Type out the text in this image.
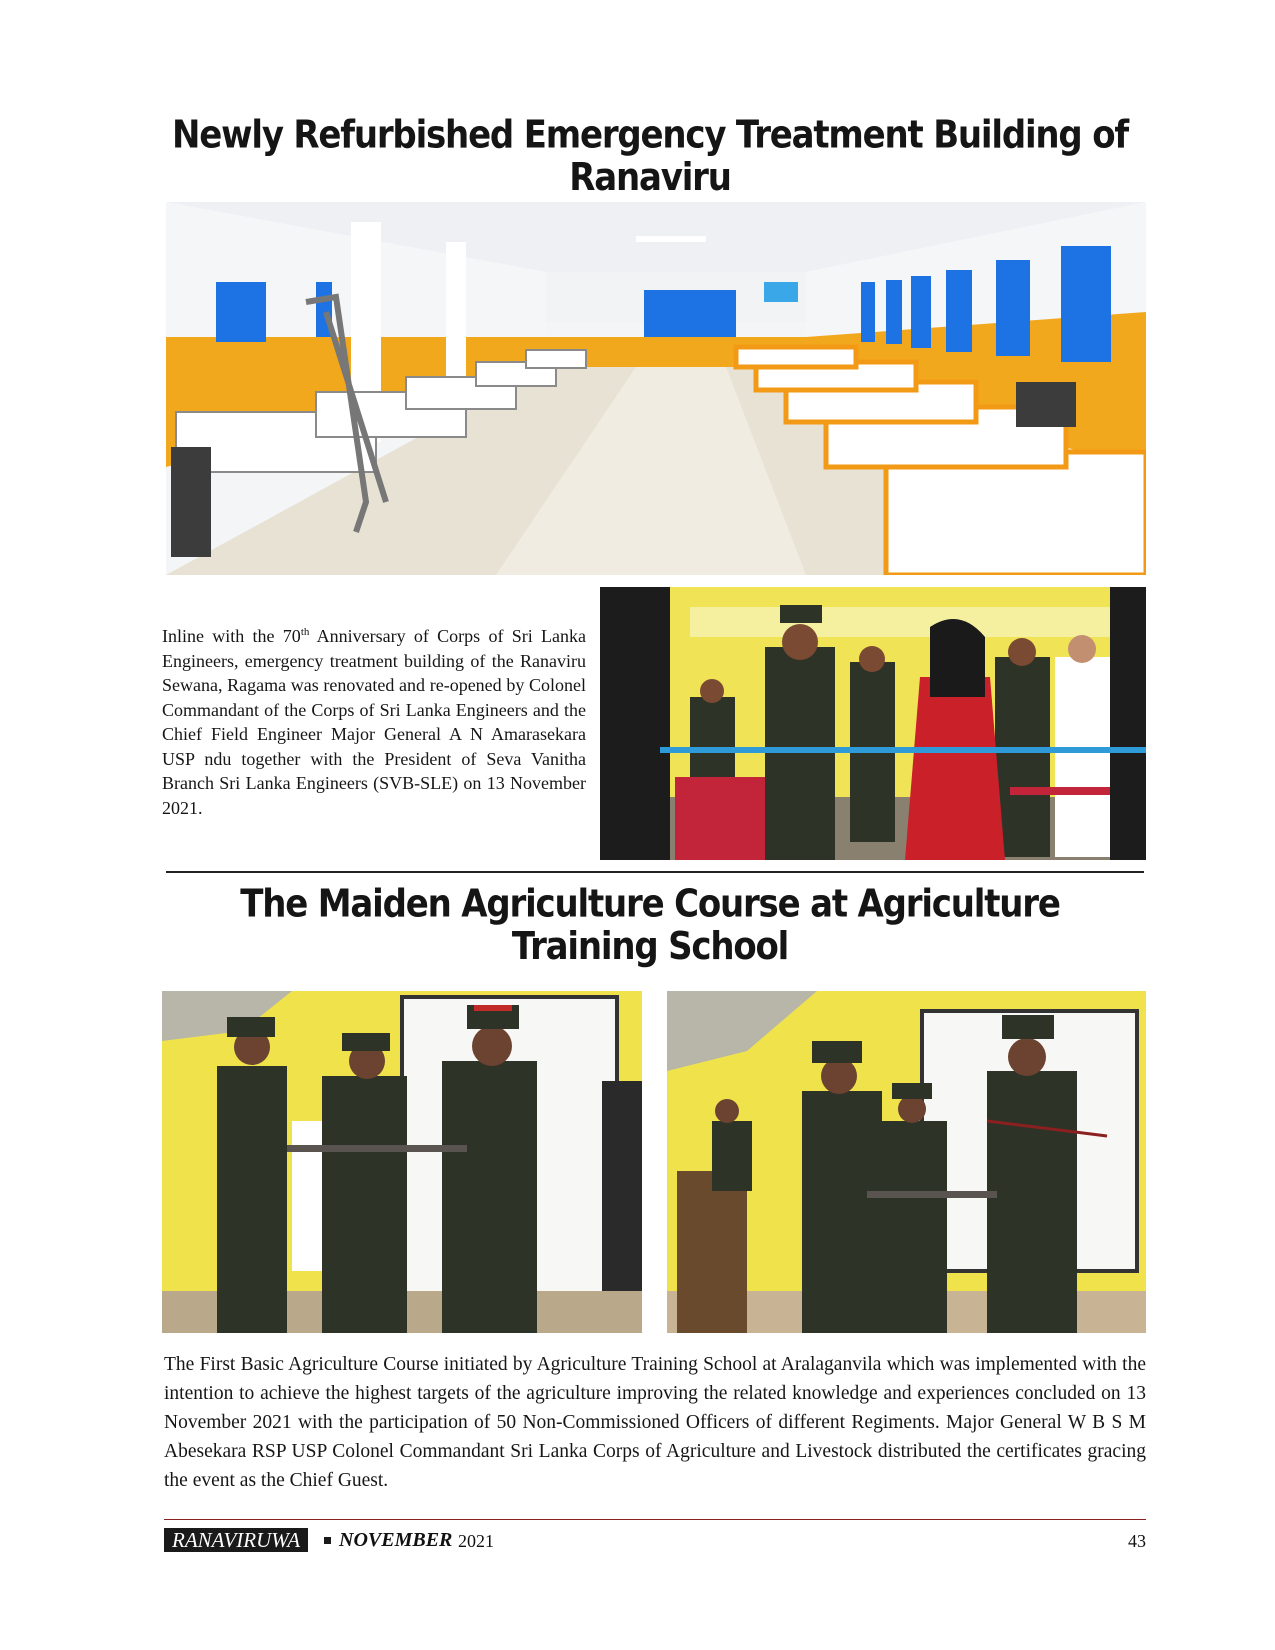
Newly Refurbished Emergency Treatment Building of Ranaviru
Inline with the 70th Anniversary of Corps of Sri Lanka Engineers, emergency treatment building of the Ranaviru Sewana, Ragama was renovated and re-opened by Colonel Commandant of the Corps of Sri Lanka Engineers and the Chief Field Engineer Major General A N Amarasekara USP ndu together with the President of Seva Vanitha Branch Sri Lanka Engineers (SVB-SLE) on 13 November 2021.
The Maiden Agriculture Course at Agriculture
Training School
The First Basic Agriculture Course initiated by Agriculture Training School at Aralaganvila which was implemented with the intention to achieve the highest targets of the agriculture improving the related knowledge and experiences concluded on 13 November 2021 with the participation of 50 Non-Commissioned Officers of different Regiments. Major General W B S M Abesekara RSP USP Colonel Commandant Sri Lanka Corps of Agriculture and Livestock distributed the certificates gracing the event as the Chief Guest.
RANAVIRUWA	NOVEMBER 2021	43
